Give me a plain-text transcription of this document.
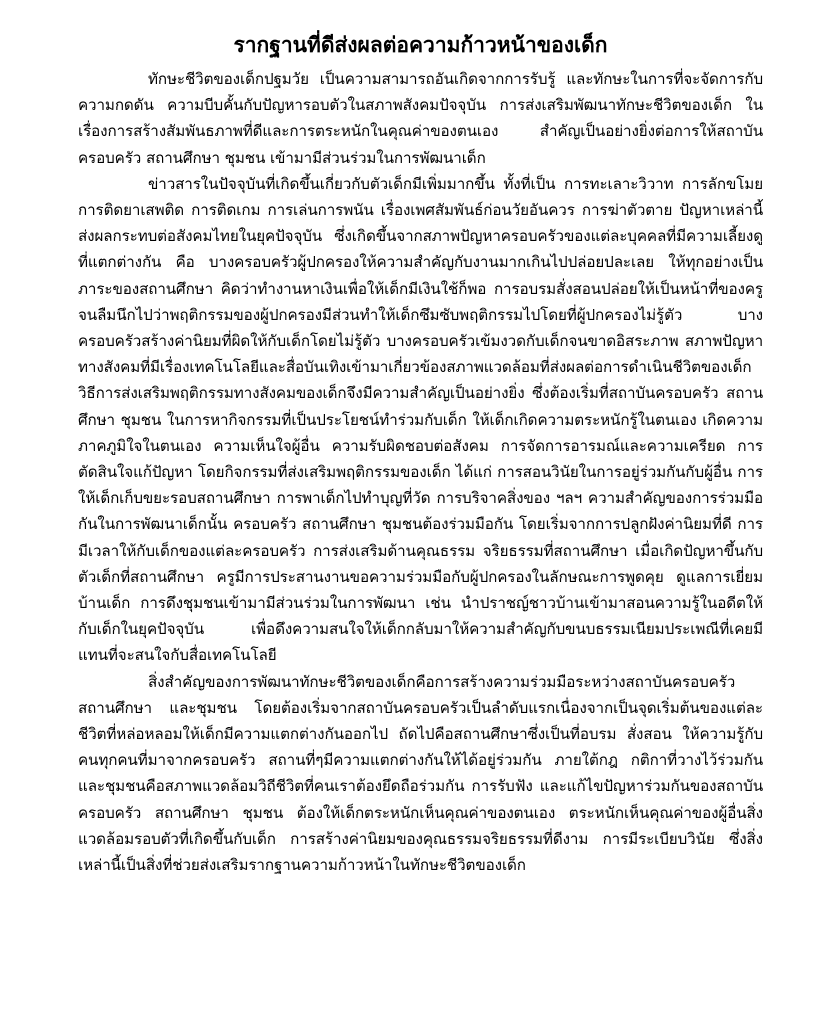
รากฐานที่ดีส่งผลต่อความก้าวหน้าของเด็ก

ทักษะชีวิตของเด็กปฐมวัย เป็นความสามารถอันเกิดจากการรับรู้ และทักษะในการที่จะจัดการกับความกดดัน ความบีบคั้นกับปัญหารอบตัวในสภาพสังคมปัจจุบัน การส่งเสริมพัฒนาทักษะชีวิตของเด็ก ในเรื่องการสร้างสัมพันธภาพที่ดีและการตระหนักในคุณค่าของตนเอง สำคัญเป็นอย่างยิ่งต่อการให้สถาบันครอบครัว สถานศึกษา ชุมชน เข้ามามีส่วนร่วมในการพัฒนาเด็ก

ข่าวสารในปัจจุบันที่เกิดขึ้นเกี่ยวกับตัวเด็กมีเพิ่มมากขึ้น ทั้งที่เป็น การทะเลาะวิวาท การลักขโมย การติดยาเสพติด การติดเกม การเล่นการพนัน เรื่องเพศสัมพันธ์ก่อนวัยอันควร การฆ่าตัวตาย ปัญหาเหล่านี้ส่งผลกระทบต่อสังคมไทยในยุคปัจจุบัน ซึ่งเกิดขึ้นจากสภาพปัญหาครอบครัวของแต่ละบุคคลที่มีความเลี้ยงดูที่แตกต่างกัน คือ บางครอบครัวผู้ปกครองให้ความสำคัญกับงานมากเกินไปปล่อยปละเลย ให้ทุกอย่างเป็นภาระของสถานศึกษา คิดว่าทำงานหาเงินเพื่อให้เด็กมีเงินใช้ก็พอ การอบรมสั่งสอนปล่อยให้เป็นหน้าที่ของครู จนลืมนึกไปว่าพฤติกรรมของผู้ปกครองมีส่วนทำให้เด็กซึมซับพฤติกรรมไปโดยที่ผู้ปกครองไม่รู้ตัว บางครอบครัวสร้างค่านิยมที่ผิดให้กับเด็กโดยไม่รู้ตัว บางครอบครัวเข้มงวดกับเด็กจนขาดอิสระภาพ สภาพปัญหาทางสังคมที่มีเรื่องเทคโนโลยีและสื่อบันเทิงเข้ามาเกี่ยวข้องสภาพแวดล้อมที่ส่งผลต่อการดำเนินชีวิตของเด็ก วิธีการส่งเสริมพฤติกรรมทางสังคมของเด็กจึงมีความสำคัญเป็นอย่างยิ่ง ซึ่งต้องเริ่มที่สถาบันครอบครัว สถานศึกษา ชุมชน ในการหากิจกรรมที่เป็นประโยชน์ทำร่วมกับเด็ก ให้เด็กเกิดความตระหนักรู้ในตนเอง เกิดความภาคภูมิใจในตนเอง ความเห็นใจผู้อื่น ความรับผิดชอบต่อสังคม การจัดการอารมณ์และความเครียด การตัดสินใจแก้ปัญหา โดยกิจกรรมที่ส่งเสริมพฤติกรรมของเด็ก ได้แก่ การสอนวินัยในการอยู่ร่วมกันกับผู้อื่น การให้เด็กเก็บขยะรอบสถานศึกษา การพาเด็กไปทำบุญที่วัด การบริจาคสิ่งของ ฯลฯ ความสำคัญของการร่วมมือกันในการพัฒนาเด็กนั้น ครอบครัว สถานศึกษา ชุมชนต้องร่วมมือกัน โดยเริ่มจากการปลูกฝังค่านิยมที่ดี การมีเวลาให้กับเด็กของแต่ละครอบครัว การส่งเสริมด้านคุณธรรม จริยธรรมที่สถานศึกษา เมื่อเกิดปัญหาขึ้นกับตัวเด็กที่สถานศึกษา ครูมีการประสานงานขอความร่วมมือกับผู้ปกครองในลักษณะการพูดคุย ดูแลการเยี่ยมบ้านเด็ก การดึงชุมชนเข้ามามีส่วนร่วมในการพัฒนา เช่น นำปราชญ์ชาวบ้านเข้ามาสอนความรู้ในอดีตให้กับเด็กในยุคปัจจุบัน เพื่อดึงความสนใจให้เด็กกลับมาให้ความสำคัญกับขนบธรรมเนียมประเพณีที่เคยมี แทนที่จะสนใจกับสื่อเทคโนโลยี

สิ่งสำคัญของการพัฒนาทักษะชีวิตของเด็กคือการสร้างความร่วมมือระหว่างสถาบันครอบครัว สถานศึกษา และชุมชน โดยต้องเริ่มจากสถาบันครอบครัวเป็นลำดับแรกเนื่องจากเป็นจุดเริ่มต้นของแต่ละชีวิตที่หล่อหลอมให้เด็กมีความแตกต่างกันออกไป ถัดไปคือสถานศึกษาซึ่งเป็นที่อบรม สั่งสอน ให้ความรู้กับคนทุกคนที่มาจากครอบครัว สถานที่ๆมีความแตกต่างกันให้ได้อยู่ร่วมกัน ภายใต้กฎ กติกาที่วางไว้ร่วมกัน และชุมชนคือสภาพแวดล้อมวิถีชีวิตที่คนเราต้องยึดถือร่วมกัน การรับฟัง และแก้ไขปัญหาร่วมกันของสถาบันครอบครัว สถานศึกษา ชุมชน ต้องให้เด็กตระหนักเห็นคุณค่าของตนเอง ตระหนักเห็นคุณค่าของผู้อื่นสิ่งแวดล้อมรอบตัวที่เกิดขึ้นกับเด็ก การสร้างค่านิยมของคุณธรรมจริยธรรมที่ดีงาม การมีระเบียบวินัย ซึ่งสิ่งเหล่านี้เป็นสิ่งที่ช่วยส่งเสริมรากฐานความก้าวหน้าในทักษะชีวิตของเด็ก
